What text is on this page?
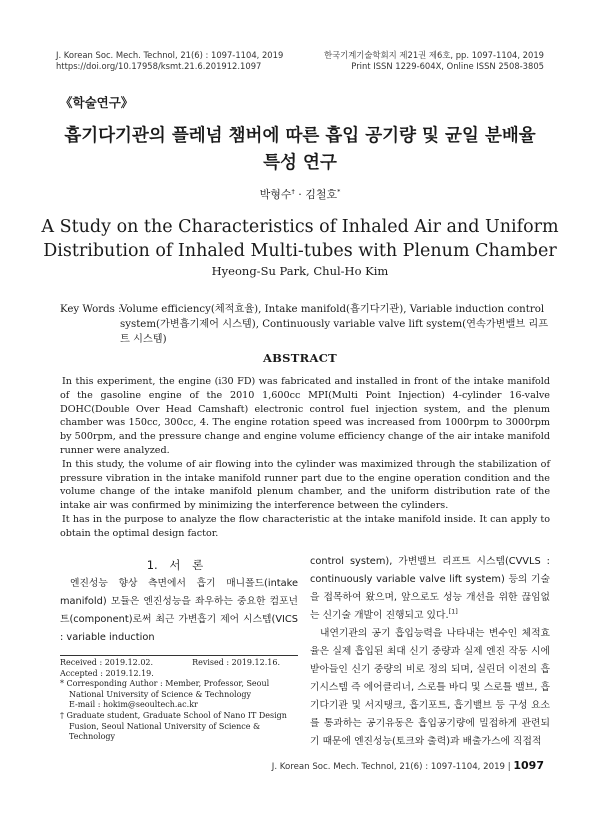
J. Korean Soc. Mech. Technol, 21(6) : 1097-1104, 2019
https://doi.org/10.17958/ksmt.21.6.201912.1097
한국기계기술학회지 제21권 제6호, pp. 1097-1104, 2019
Print ISSN 1229-604X, Online ISSN 2508-3805
《학술연구》
흡기다기관의 플레넘 챔버에 따른 흡입 공기량 및 균일 분배율
특성 연구
박형수† · 김철호*
A Study on the Characteristics of Inhaled Air and Uniform
Distribution of Inhaled Multi-tubes with Plenum Chamber
Hyeong-Su Park, Chul-Ho Kim
Key Words :
Volume efficiency(체적효율), Intake manifold(흡기다기관), Variable induction control system(가변흡기제어 시스템), Continuously variable valve lift system(연속가변밸브 리프트 시스템)
ABSTRACT

In this experiment, the engine (i30 FD) was fabricated and installed in front of the intake manifold of the gasoline engine of the 2010 1,600cc MPI(Multi Point Injection) 4-cylinder 16-valve DOHC(Double Over Head Camshaft) electronic control fuel injection system, and the plenum chamber was 150cc, 300cc, 4. The engine rotation speed was increased from 1000rpm to 3000rpm by 500rpm, and the pressure change and engine volume efficiency change of the air intake manifold runner were analyzed.

In this study, the volume of air flowing into the cylinder was maximized through the stabilization of pressure vibration in the intake manifold runner part due to the engine operation condition and the volume change of the intake manifold plenum chamber, and the uniform distribution rate of the intake air was confirmed by minimizing the interference between the cylinders.

It has in the purpose to analyze the flow characteristic at the intake manifold inside. It can apply to obtain the optimal design factor.

1. 서 론

엔진성능 향상 측면에서 흡기 매니폴드(intake manifold) 모듈은 엔진성능을 좌우하는 중요한 컴포넌트(component)로써 최근 가변흡기 제어 시스템(VICS : variable induction

Received : 2019.12.02.	Revised : 2019.12.16.
Accepted : 2019.12.19.
* Corresponding Author : Member, Professor, Seoul National University of Science & Technology
E-mail : hokim@seoultech.ac.kr
† Graduate student, Graduate School of Nano IT Design Fusion, Seoul National University of Science & Technology

control system), 가변밸브 리프트 시스템(CVVLS : continuously variable valve lift system) 등의 기술을 접목하여 왔으며, 앞으로도 성능 개선을 위한 끊임없는 신기술 개발이 진행되고 있다.[1]

내연기관의 공기 흡입능력을 나타내는 변수인 체적효율은 실제 흡입된 최대 신기 중량과 실제 엔진 작동 시에 받아들인 신기 중량의 비로 정의 되며, 실린더 이전의 흡기시스템 즉 에어클리너, 스로틀 바디 및 스로틀 밸브, 흡기다기관 및 서지탱크, 흡기포트, 흡기밸브 등 구성 요소를 통과하는 공기유동은 흡입공기량에 밀접하게 관련되기 때문에 엔진성능(토크와 출력)과 배출가스에 직접적

J. Korean Soc. Mech. Technol, 21(6) : 1097-1104, 2019 | 1097
